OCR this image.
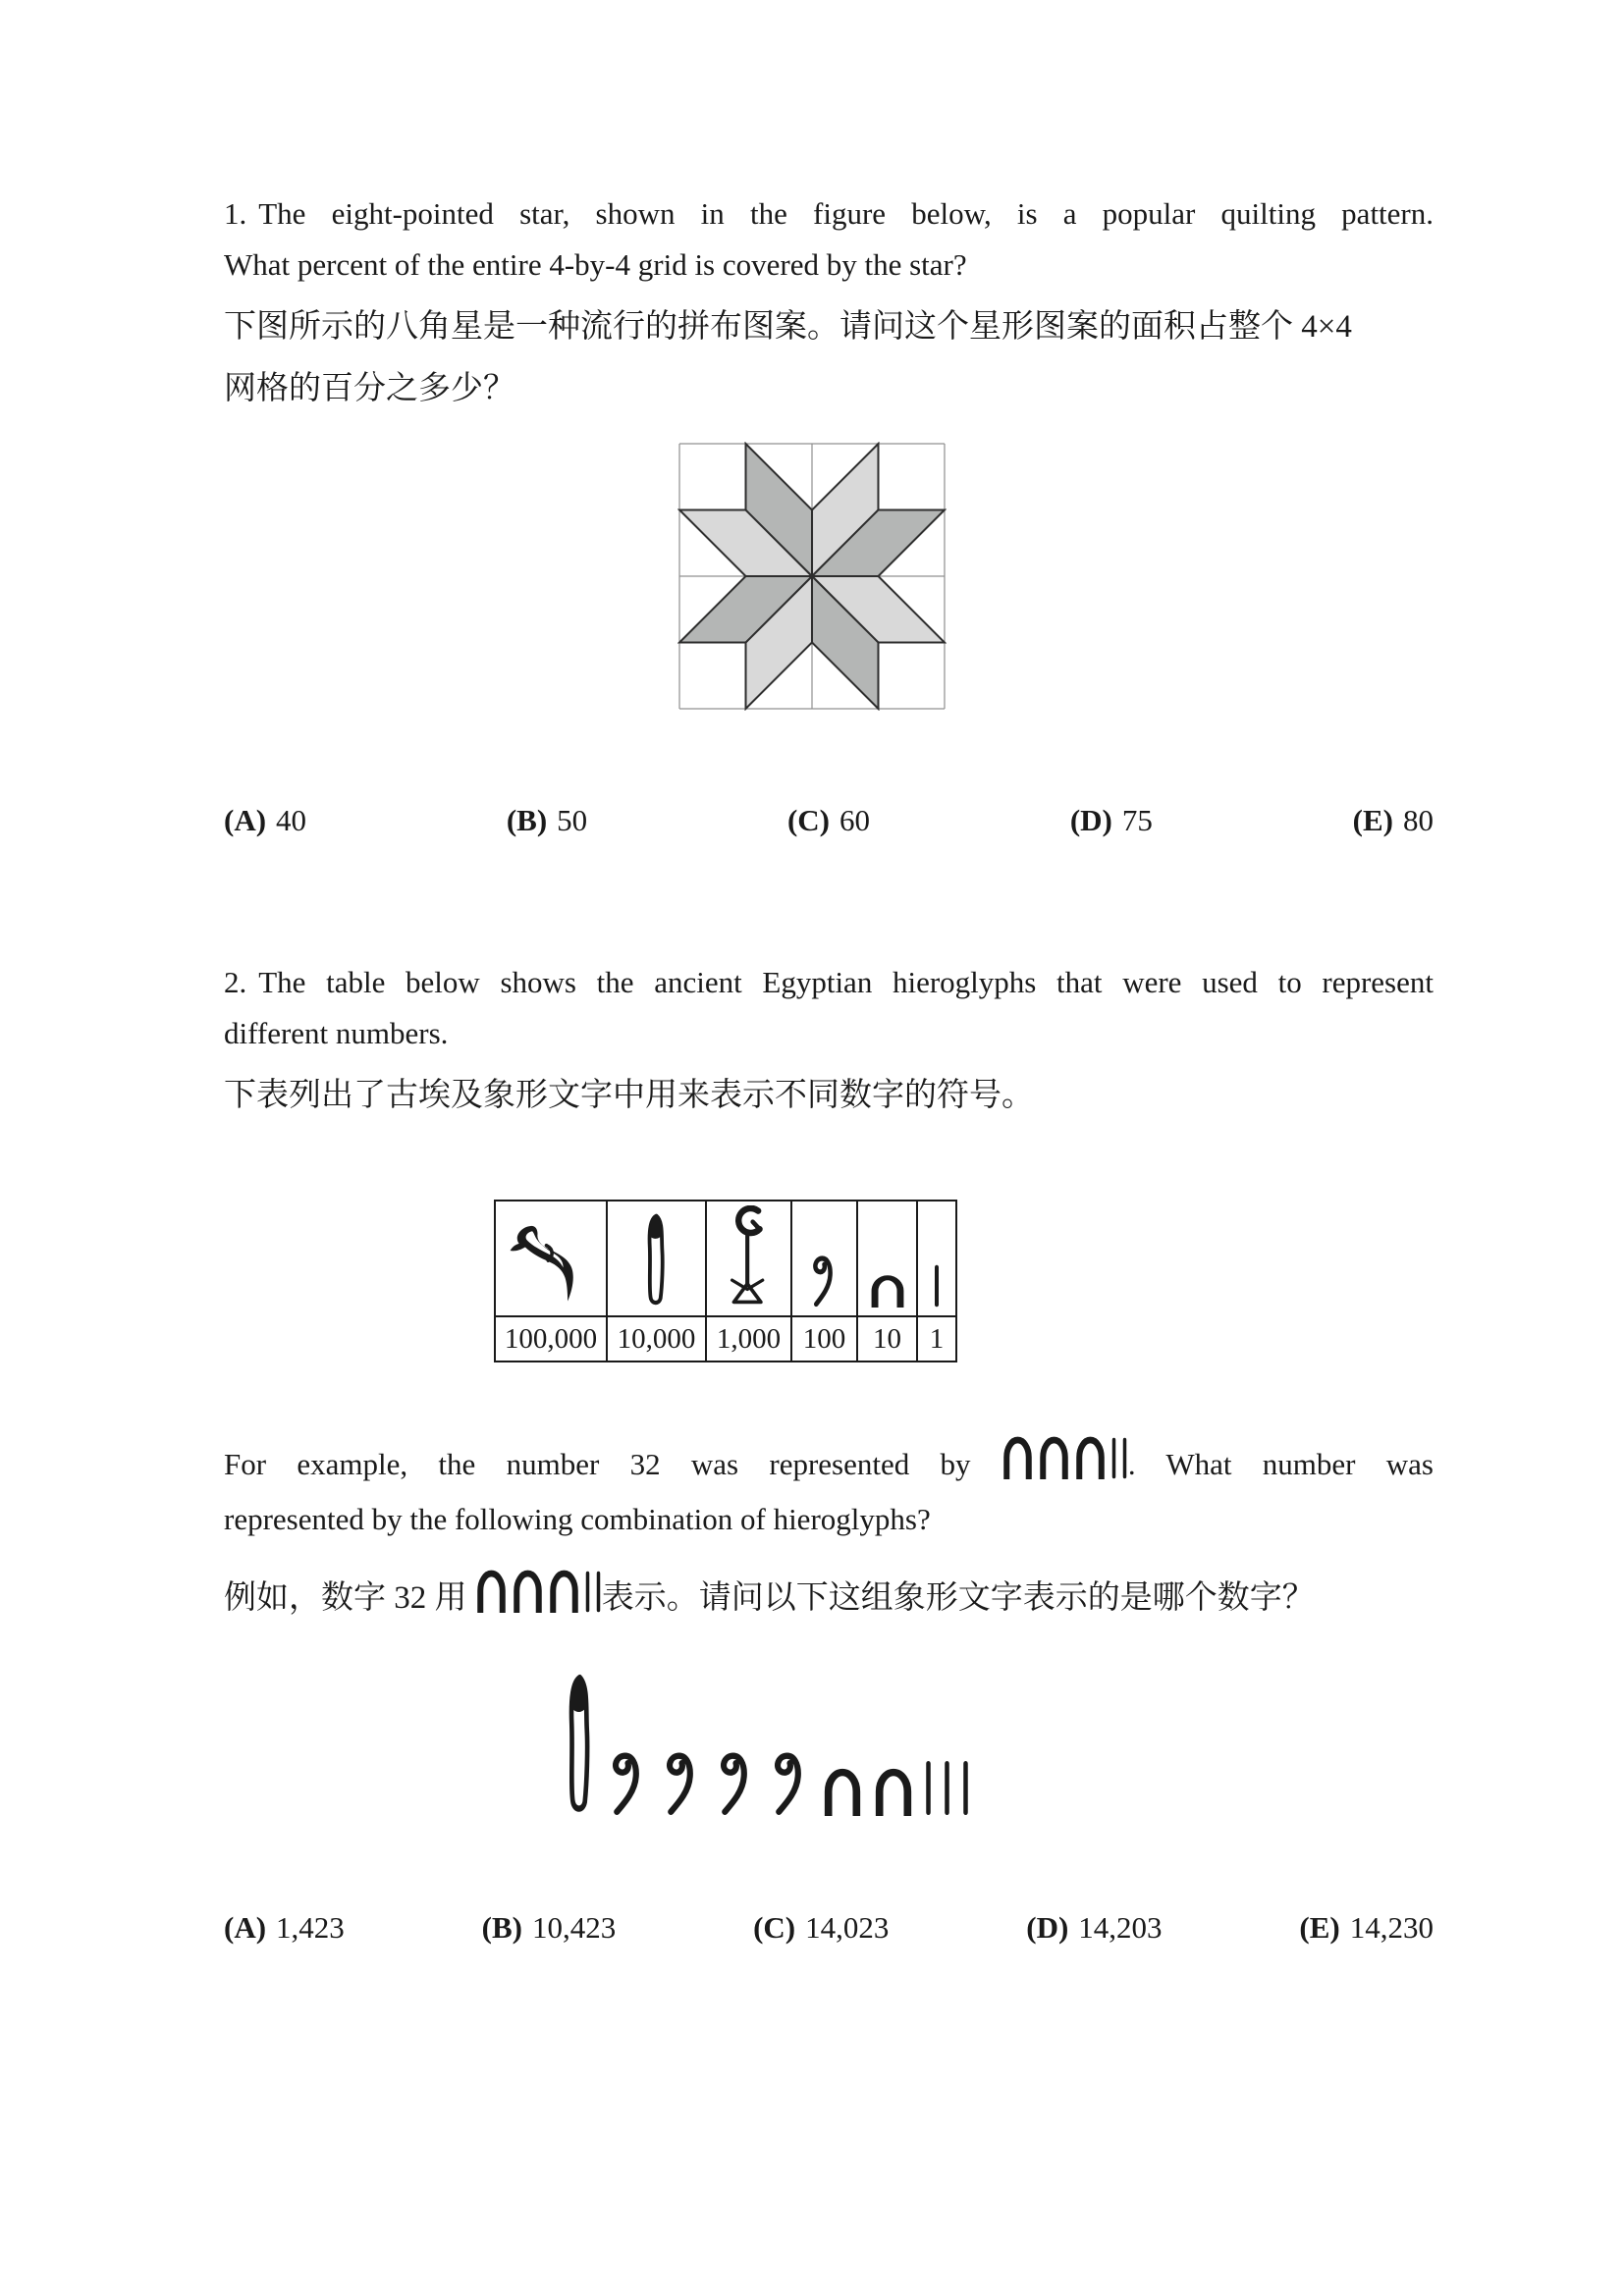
1. The eight-pointed star, shown in the figure below, is a popular quilting pattern.
What percent of the entire 4-by-4 grid is covered by the star?
下图所示的八角星是一种流行的拼布图案。请问这个星形图案的面积占整个 4×4
网格的百分之多少？
(A) 40	(B) 50	(C) 60	(D) 75	(E) 80
2. The table below shows the ancient Egyptian hieroglyphs that were used to represent
different numbers.
下表列出了古埃及象形文字中用来表示不同数字的符号。
100,000 10,000 1,000 100 10 1
For example, the number 32 was represented by	. What number was
represented by the following combination of hieroglyphs?
例如，数字 32 用	表示。请问以下这组象形文字表示的是哪个数字？
(A) 1,423	(B) 10,423	(C) 14,023	(D) 14,203	(E) 14,230
